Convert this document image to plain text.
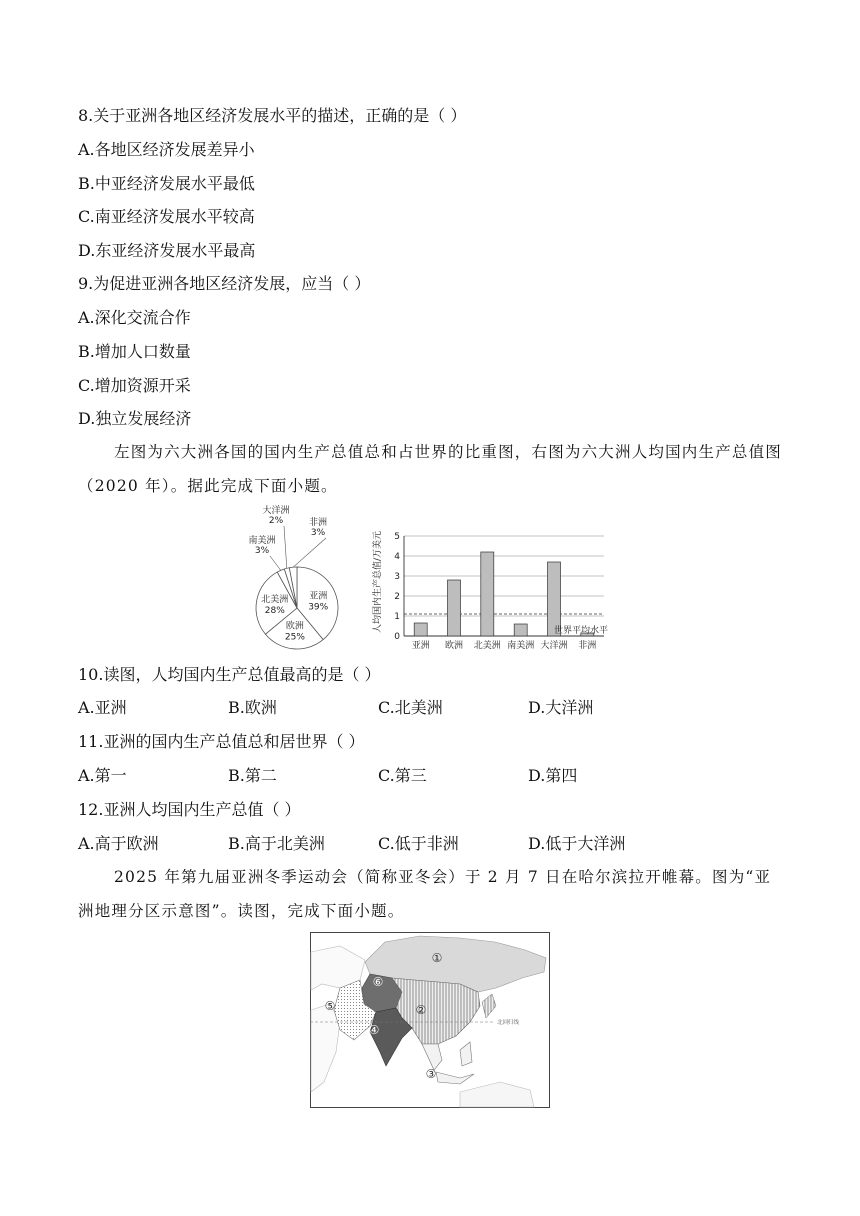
8.关于亚洲各地区经济发展水平的描述，正确的是（ ）
A.各地区经济发展差异小
B.中亚经济发展水平最低
C.南亚经济发展水平较高
D.东亚经济发展水平最高
9.为促进亚洲各地区经济发展，应当（ ）
A.深化交流合作
B.增加人口数量
C.增加资源开采
D.独立发展经济
左图为六大洲各国的国内生产总值总和占世界的比重图，右图为六大洲人均国内生产总值图（2020 年）。据此完成下面小题。
亚洲
39%
欧洲
25%
北美洲
28%
南美洲
3%
大洋洲
2%	非洲
3%
0
1
2
3
4
5
亚洲 欧洲 北美洲 南美洲 大洋洲 非洲
人均国内生产总值/万美元	世界平均水平
10.读图，人均国内生产总值最高的是（ ）
A.亚洲	B.欧洲	C.北美洲	D.大洋洲
11.亚洲的国内生产总值总和居世界（ ）
A.第一	B.第二	C.第三	D.第四
12.亚洲人均国内生产总值（ ）
A.高于欧洲	B.高于北美洲	C.低于非洲	D.低于大洋洲
2025 年第九届亚洲冬季运动会（简称亚冬会）于 2 月 7 日在哈尔滨拉开帷幕。图为“亚洲地理分区示意图”。读图，完成下面小题。
北回归线
①
②
③
④
⑤
⑥
